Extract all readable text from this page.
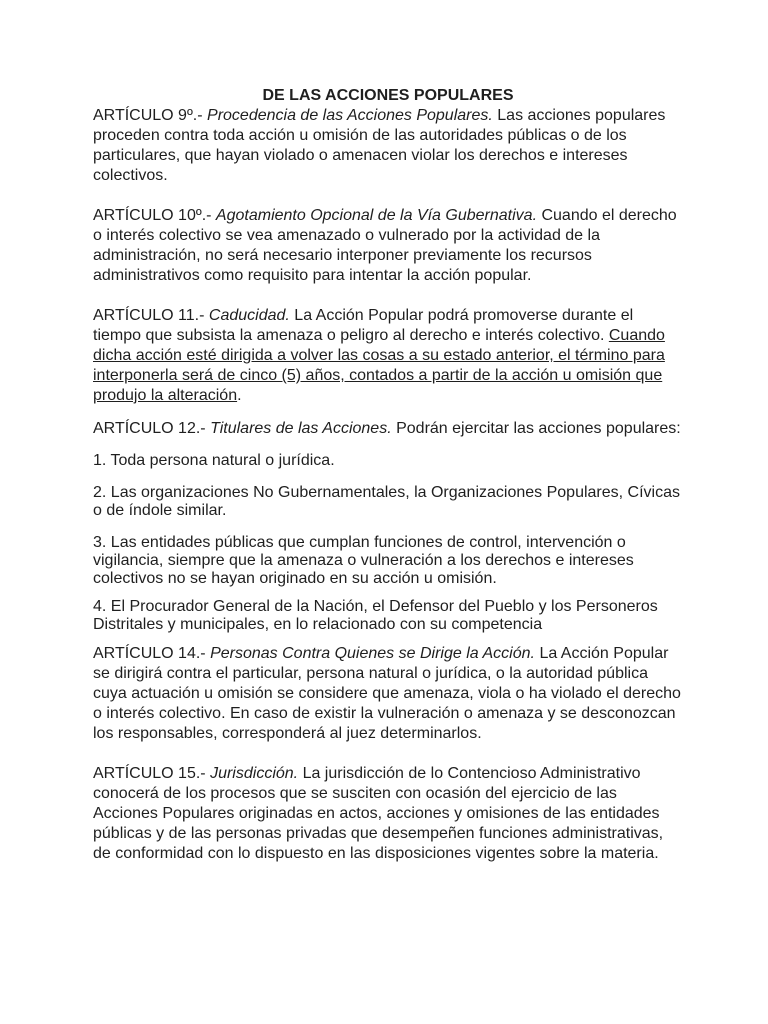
DE LAS ACCIONES POPULARES

ARTÍCULO 9º.- Procedencia de las Acciones Populares. Las acciones populares proceden contra toda acción u omisión de las autoridades públicas o de los particulares, que hayan violado o amenacen violar los derechos e intereses colectivos.

ARTÍCULO 10º.- Agotamiento Opcional de la Vía Gubernativa. Cuando el derecho o interés colectivo se vea amenazado o vulnerado por la actividad de la administración, no será necesario interponer previamente los recursos administrativos como requisito para intentar la acción popular.

ARTÍCULO 11.- Caducidad. La Acción Popular podrá promoverse durante el tiempo que subsista la amenaza o peligro al derecho e interés colectivo. Cuando dicha acción esté dirigida a volver las cosas a su estado anterior, el término para interponerla será de cinco (5) años, contados a partir de la acción u omisión que produjo la alteración.

ARTÍCULO 12.- Titulares de las Acciones. Podrán ejercitar las acciones populares:

1. Toda persona natural o jurídica.

2. Las organizaciones No Gubernamentales, la Organizaciones Populares, Cívicas o de índole similar.

3. Las entidades públicas que cumplan funciones de control, intervención o vigilancia, siempre que la amenaza o vulneración a los derechos e intereses colectivos no se hayan originado en su acción u omisión.

4. El Procurador General de la Nación, el Defensor del Pueblo y los Personeros Distritales y municipales, en lo relacionado con su competencia

ARTÍCULO 14.- Personas Contra Quienes se Dirige la Acción. La Acción Popular se dirigirá contra el particular, persona natural o jurídica, o la autoridad pública cuya actuación u omisión se considere que amenaza, viola o ha violado el derecho o interés colectivo. En caso de existir la vulneración o amenaza y se desconozcan los responsables, corresponderá al juez determinarlos.

ARTÍCULO 15.- Jurisdicción. La jurisdicción de lo Contencioso Administrativo conocerá de los procesos que se susciten con ocasión del ejercicio de las Acciones Populares originadas en actos, acciones y omisiones de las entidades públicas y de las personas privadas que desempeñen funciones administrativas, de conformidad con lo dispuesto en las disposiciones vigentes sobre la materia.
